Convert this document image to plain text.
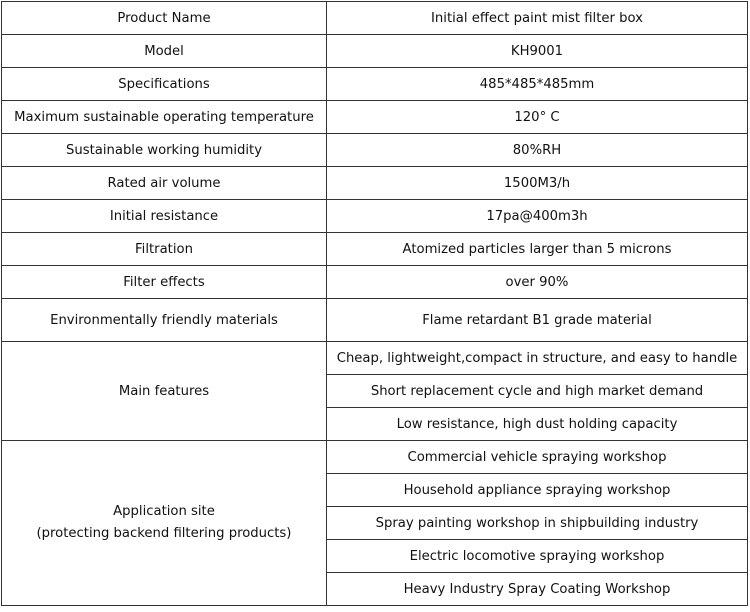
Product Name	Initial effect paint mist filter box
Model	KH9001
Specifications	485*485*485mm
Maximum sustainable operating temperature	120° C
Sustainable working humidity	80%RH
Rated air volume	1500M3/h
Initial resistance	17pa@400m3h
Filtration	Atomized particles larger than 5 microns
Filter effects	over 90%
Environmentally friendly materials	Flame retardant B1 grade material
Main features	Cheap, lightweight,compact in structure, and easy to handle
	Short replacement cycle and high market demand
	Low resistance, high dust holding capacity

Application site
(protecting backend filtering products)	Commercial vehicle spraying workshop
	Household appliance spraying workshop
	Spray painting workshop in shipbuilding industry
	Electric locomotive spraying workshop
	Heavy Industry Spray Coating Workshop
